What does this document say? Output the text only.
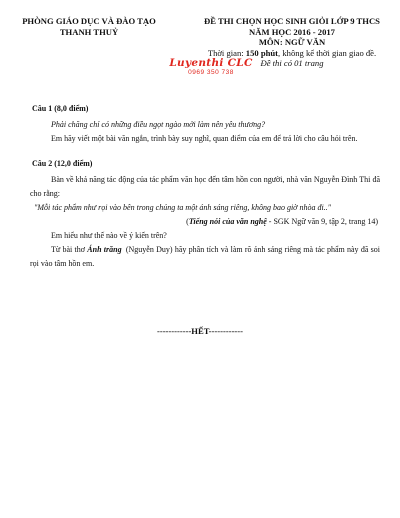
PHÒNG GIÁO DỤC VÀ ĐÀO TẠO
THANH THUỶ
ĐỀ THI CHỌN HỌC SINH GIỎI LỚP 9 THCS
NĂM HỌC 2016 - 2017
MÔN: NGỮ VĂN
Thời gian: 150 phút, không kể thời gian giao đề.
Đề thi có 01 trang
Luyenthi CLC
0969 350 738
Câu 1 (8,0 điểm)

Phải chăng chỉ có những điều ngọt ngào mới làm nên yêu thương?

Em hãy viết một bài văn ngắn, trình bày suy nghĩ, quan điểm của em để trả lời cho câu hỏi trên.

Câu 2 (12,0 điểm)

Bàn về khả năng tác động của tác phẩm văn học đến tâm hồn con người, nhà văn Nguyễn Đình Thi đã cho rằng:

"Mỗi tác phẩm như rọi vào bên trong chúng ta một ánh sáng riêng, không bao giờ nhòa đi.."

(Tiếng nói của văn nghệ - SGK Ngữ văn 9, tập 2, trang 14)

Em hiểu như thế nào về ý kiến trên?

Từ bài thơ Ánh trăng (Nguyễn Duy) hãy phân tích và làm rõ ánh sáng riêng mà tác phẩm này đã soi rọi vào tâm hồn em.

------------HẾT------------
